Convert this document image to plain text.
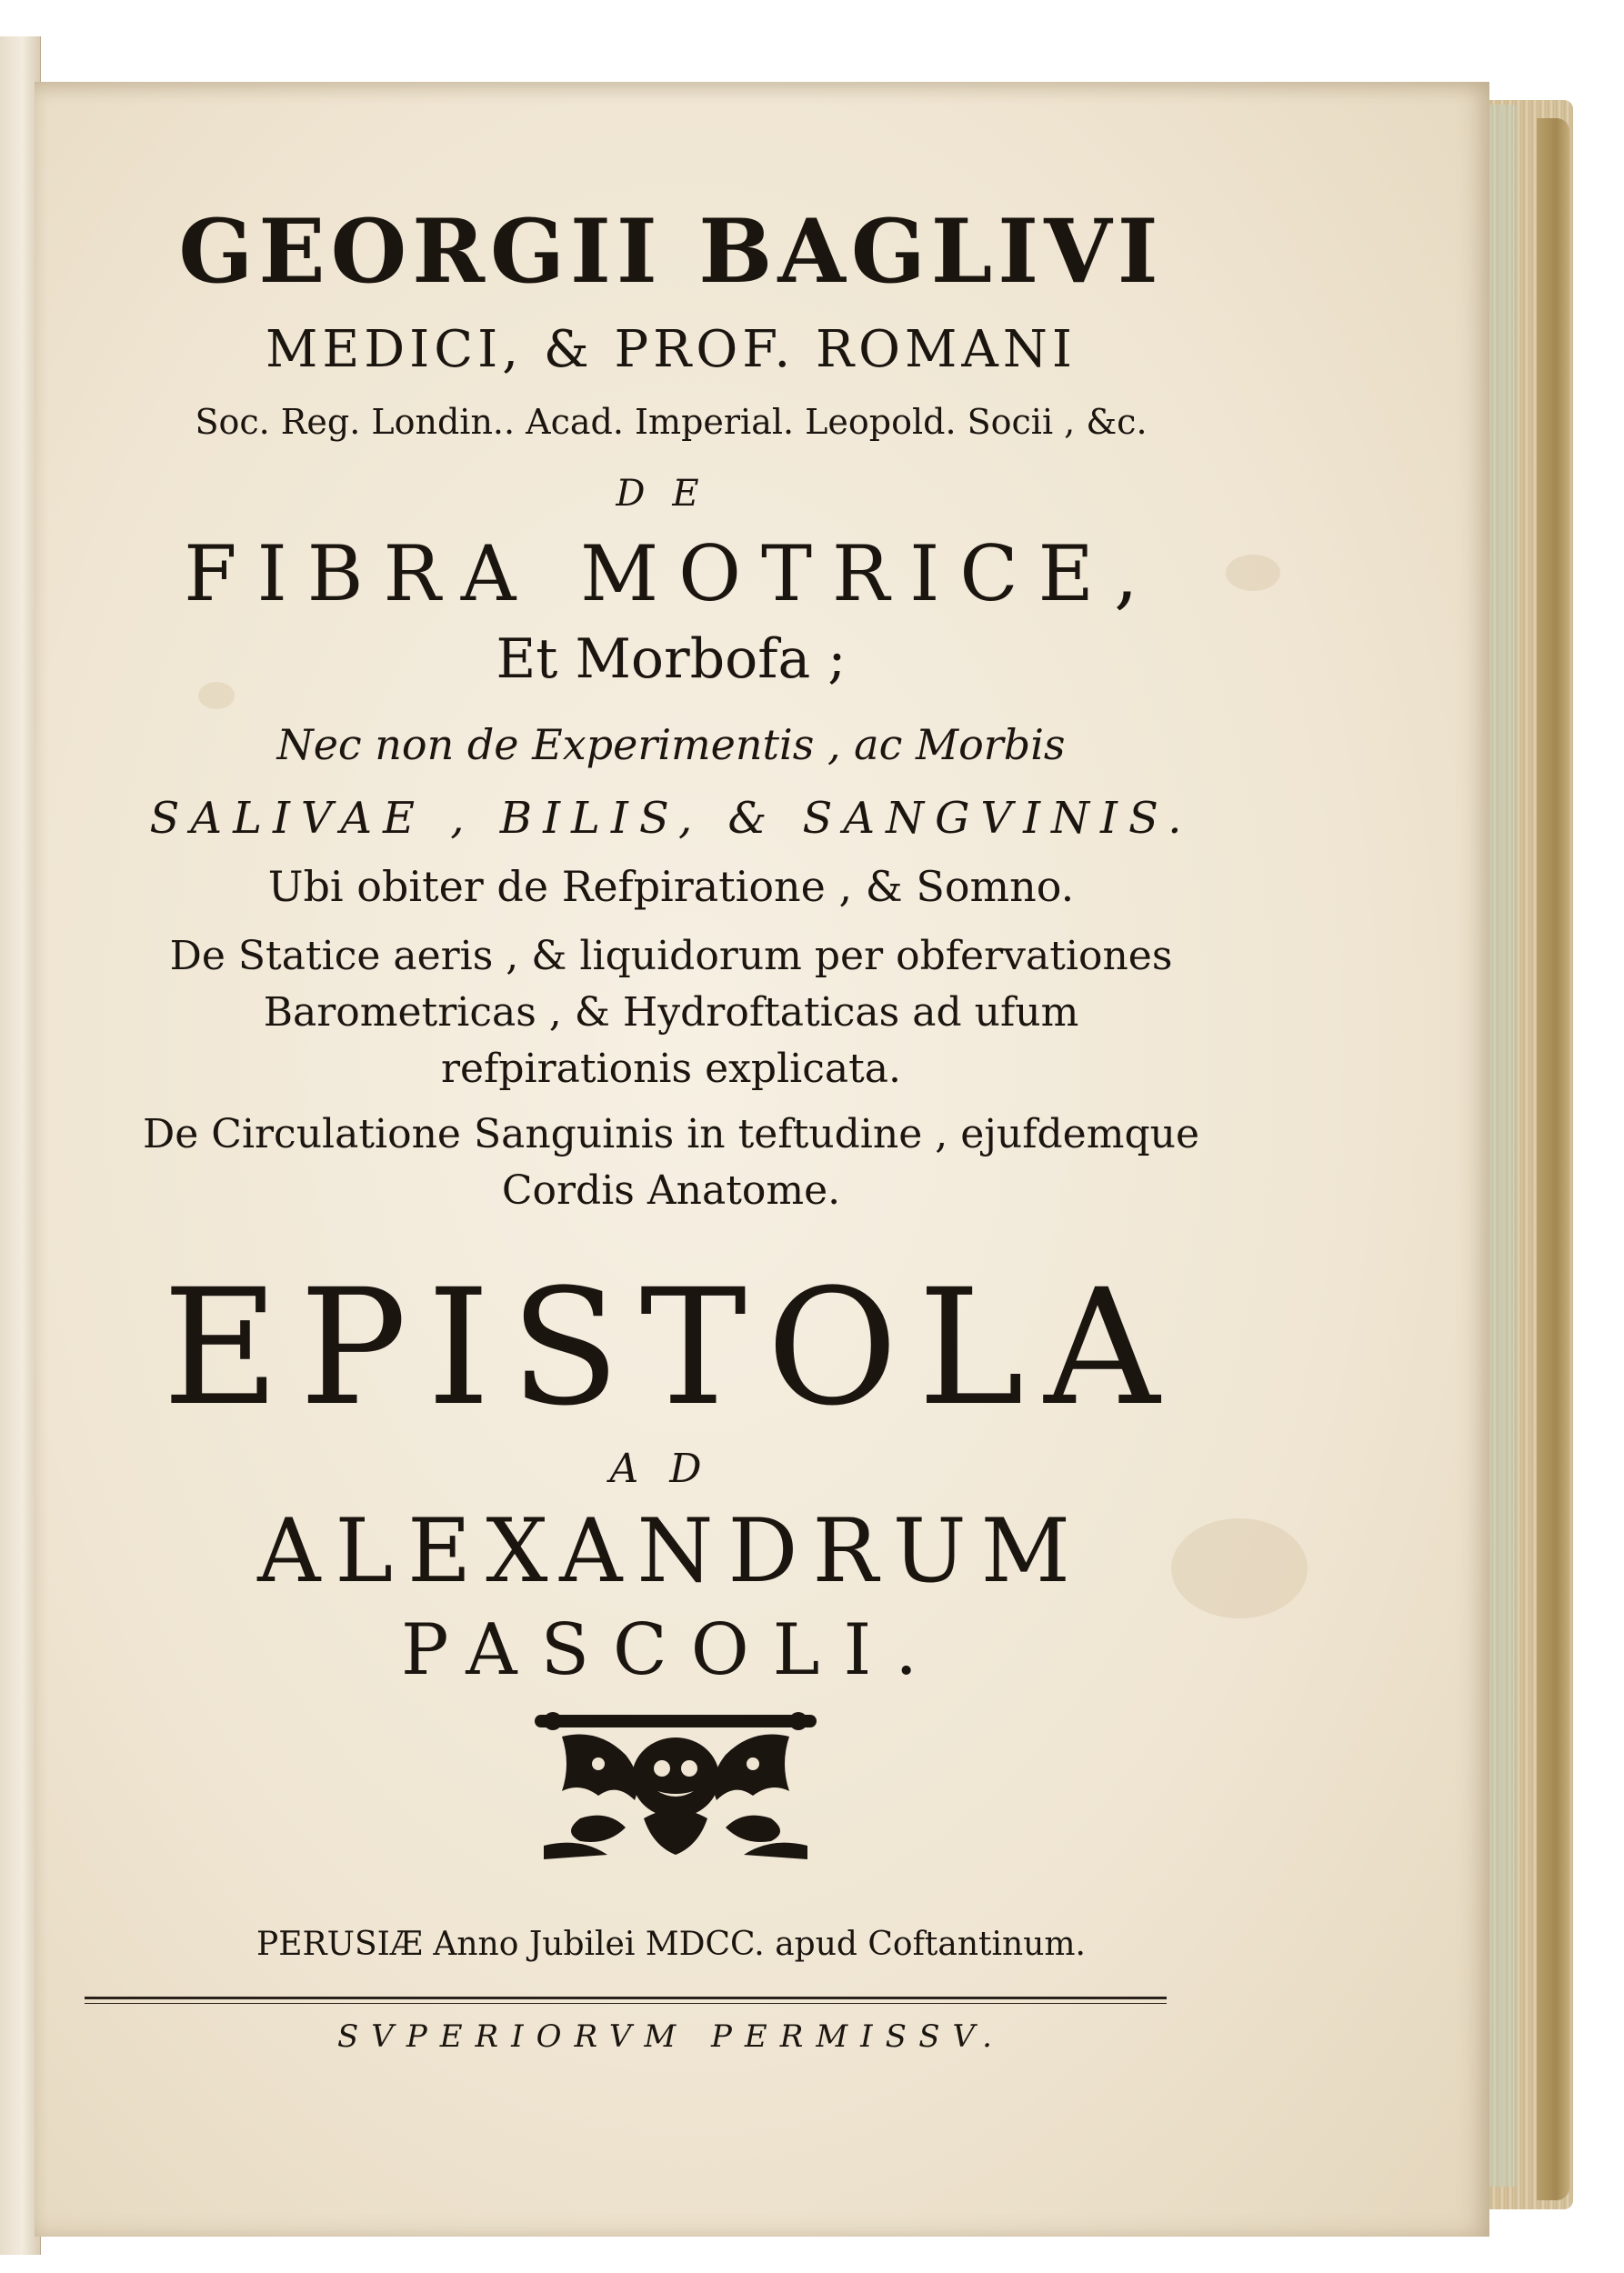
GEORGII BAGLIVI

MEDICI, & PROF. ROMANI

Soc. Reg. Londin.. Acad. Imperial. Leopold. Socii , &c.

DE

FIBRA MOTRICE,

Et Morbofa ;

Nec non de Experimentis , ac Morbis

SALIVAE , BILIS, & SANGVINIS.

Ubi obiter de Refpiratione , & Somno.

De Statice aeris , & liquidorum per obfervationes

Barometricas , & Hydroftaticas ad ufum

refpirationis explicata.

De Circulatione Sanguinis in teftudine , ejufdemque

Cordis Anatome.

EPISTOLA

AD

ALEXANDRUM

PASCOLI.

PERUSIÆ Anno Jubilei MDCC. apud Coftantinum.

SVPERIORVM PERMISSV.
